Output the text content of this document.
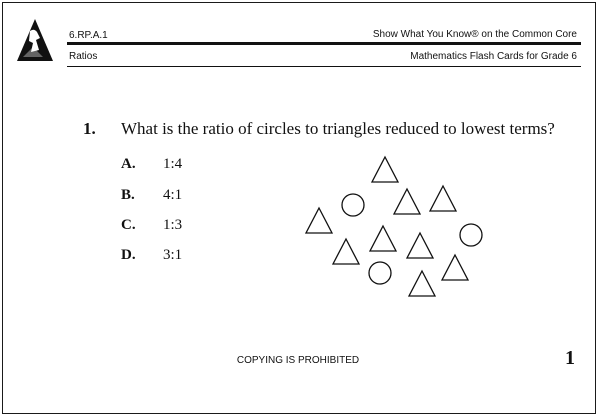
6.RP.A.1
Ratios
Show What You Know® on the Common Core
Mathematics Flash Cards for Grade 6
1. What is the ratio of circles to triangles reduced to lowest terms?
A. 1:4
B. 4:1
C. 1:3
D. 3:1
COPYING IS PROHIBITED	1
